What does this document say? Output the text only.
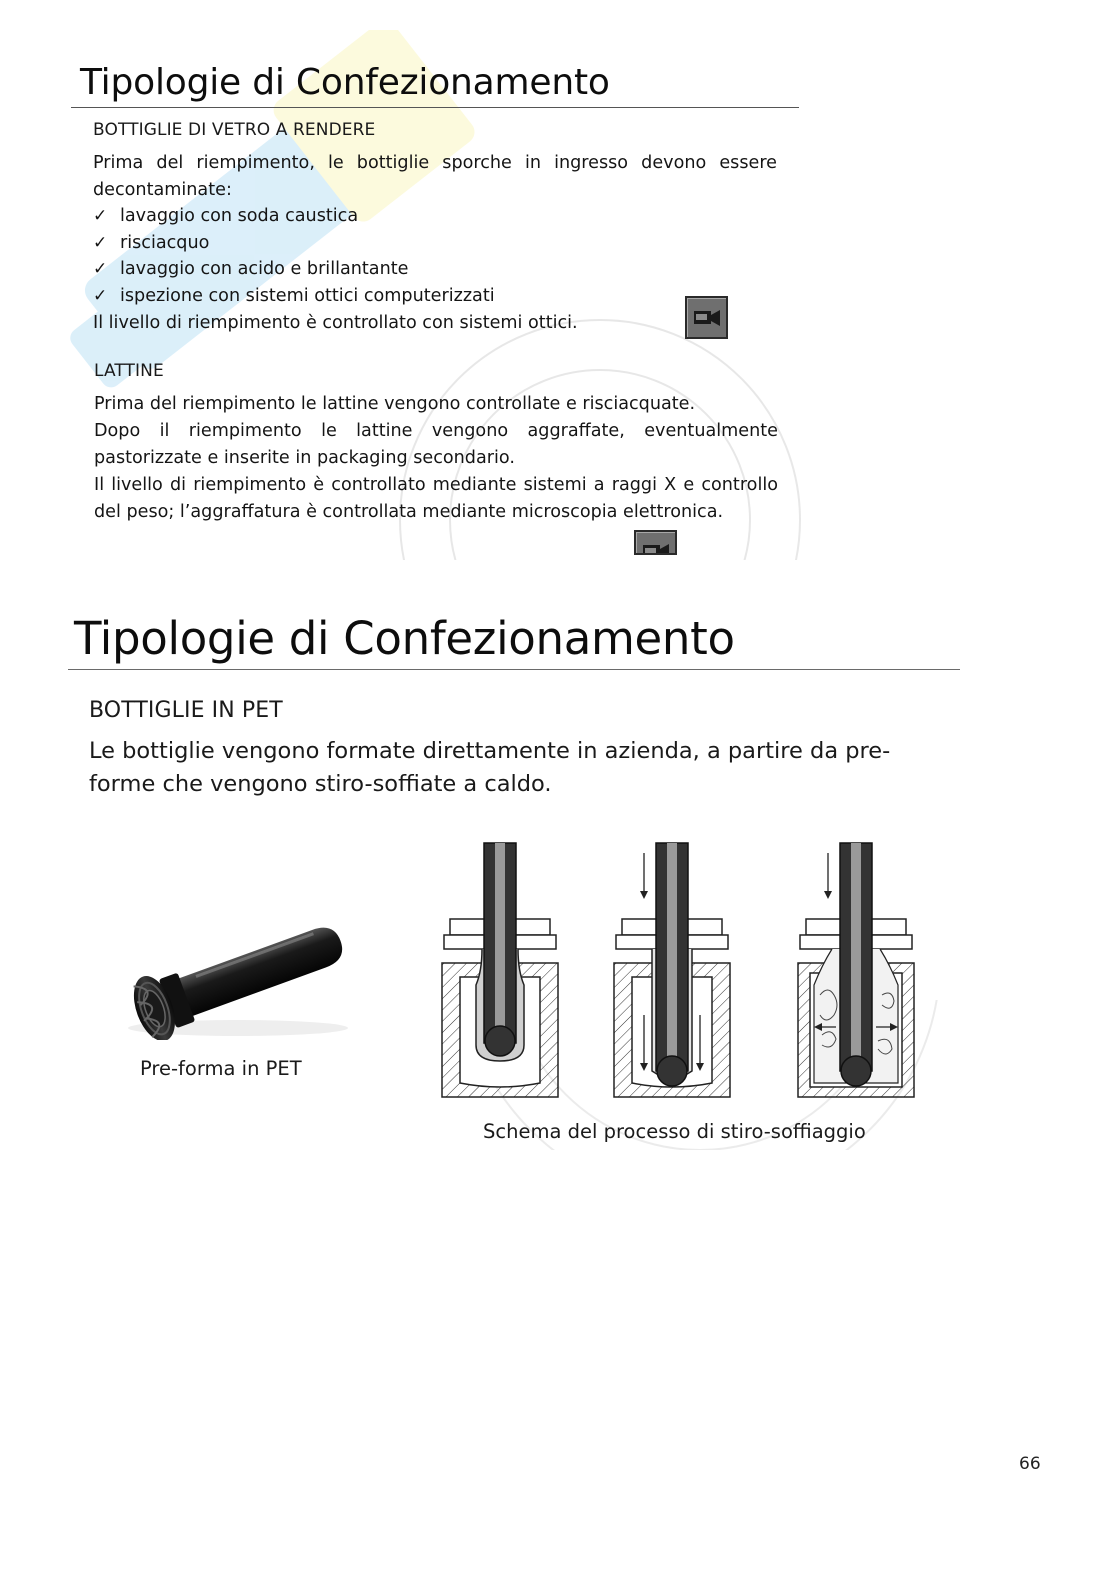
Tipologie di Confezionamento
BOTTIGLIE DI VETRO A RENDERE

Prima del riempimento, le bottiglie sporche in ingresso devono essere decontaminate:

✓ lavaggio con soda caustica
✓ risciacquo
✓ lavaggio con acido e brillantante
✓ ispezione con sistemi ottici computerizzati

Il livello di riempimento è controllato con sistemi ottici.

LATTINE

Prima del riempimento le lattine vengono controllate e risciacquate.

Dopo il riempimento le lattine vengono aggraffate, eventualmente pastorizzate e inserite in packaging secondario.

Il livello di riempimento è controllato mediante sistemi a raggi X e controllo del peso; l’aggraffatura è controllata mediante microscopia elettronica.

Tipologie di Confezionamento
BOTTIGLIE IN PET

Le bottiglie vengono formate direttamente in azienda, a partire da pre-forme che vengono stiro-soffiate a caldo.

Pre-forma in PET
Schema del processo di stiro-soffiaggio
66
